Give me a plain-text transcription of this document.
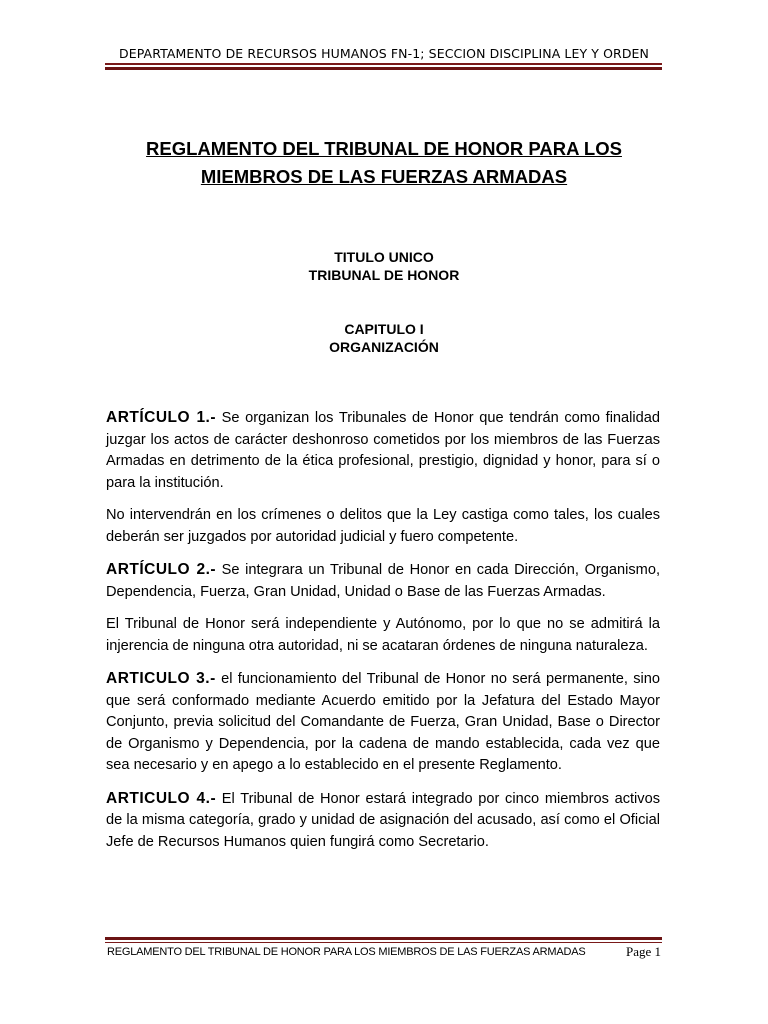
DEPARTAMENTO DE RECURSOS HUMANOS FN-1; SECCION DISCIPLINA LEY Y ORDEN
REGLAMENTO DEL TRIBUNAL DE HONOR PARA LOS
MIEMBROS DE LAS FUERZAS ARMADAS
TITULO UNICO
TRIBUNAL DE HONOR
CAPITULO I
ORGANIZACIÓN

ARTÍCULO 1.- Se organizan los Tribunales de Honor que tendrán como finalidad juzgar los actos de carácter deshonroso cometidos por los miembros de las Fuerzas Armadas en detrimento de la ética profesional, prestigio, dignidad y honor, para sí o para la institución.

No intervendrán en los crímenes o delitos que la Ley castiga como tales, los cuales deberán ser juzgados por autoridad judicial y fuero competente.

ARTÍCULO 2.- Se integrara un Tribunal de Honor en cada Dirección, Organismo, Dependencia, Fuerza, Gran Unidad, Unidad o Base de las Fuerzas Armadas.

El Tribunal de Honor será independiente y Autónomo, por lo que no se admitirá la injerencia de ninguna otra autoridad, ni se acataran órdenes de ninguna naturaleza.

ARTICULO 3.- el funcionamiento del Tribunal de Honor no será permanente, sino que será conformado mediante Acuerdo emitido por la Jefatura del Estado Mayor Conjunto, previa solicitud del Comandante de Fuerza, Gran Unidad, Base o Director de Organismo y Dependencia, por la cadena de mando establecida, cada vez que sea necesario y en apego a lo establecido en el presente Reglamento.

ARTICULO 4.- El Tribunal de Honor estará integrado por cinco miembros activos de la misma categoría, grado y unidad de asignación del acusado, así como el Oficial Jefe de Recursos Humanos quien fungirá como Secretario.

REGLAMENTO DEL TRIBUNAL DE HONOR PARA LOS MIEMBROS DE LAS FUERZAS ARMADAS	Page 1
